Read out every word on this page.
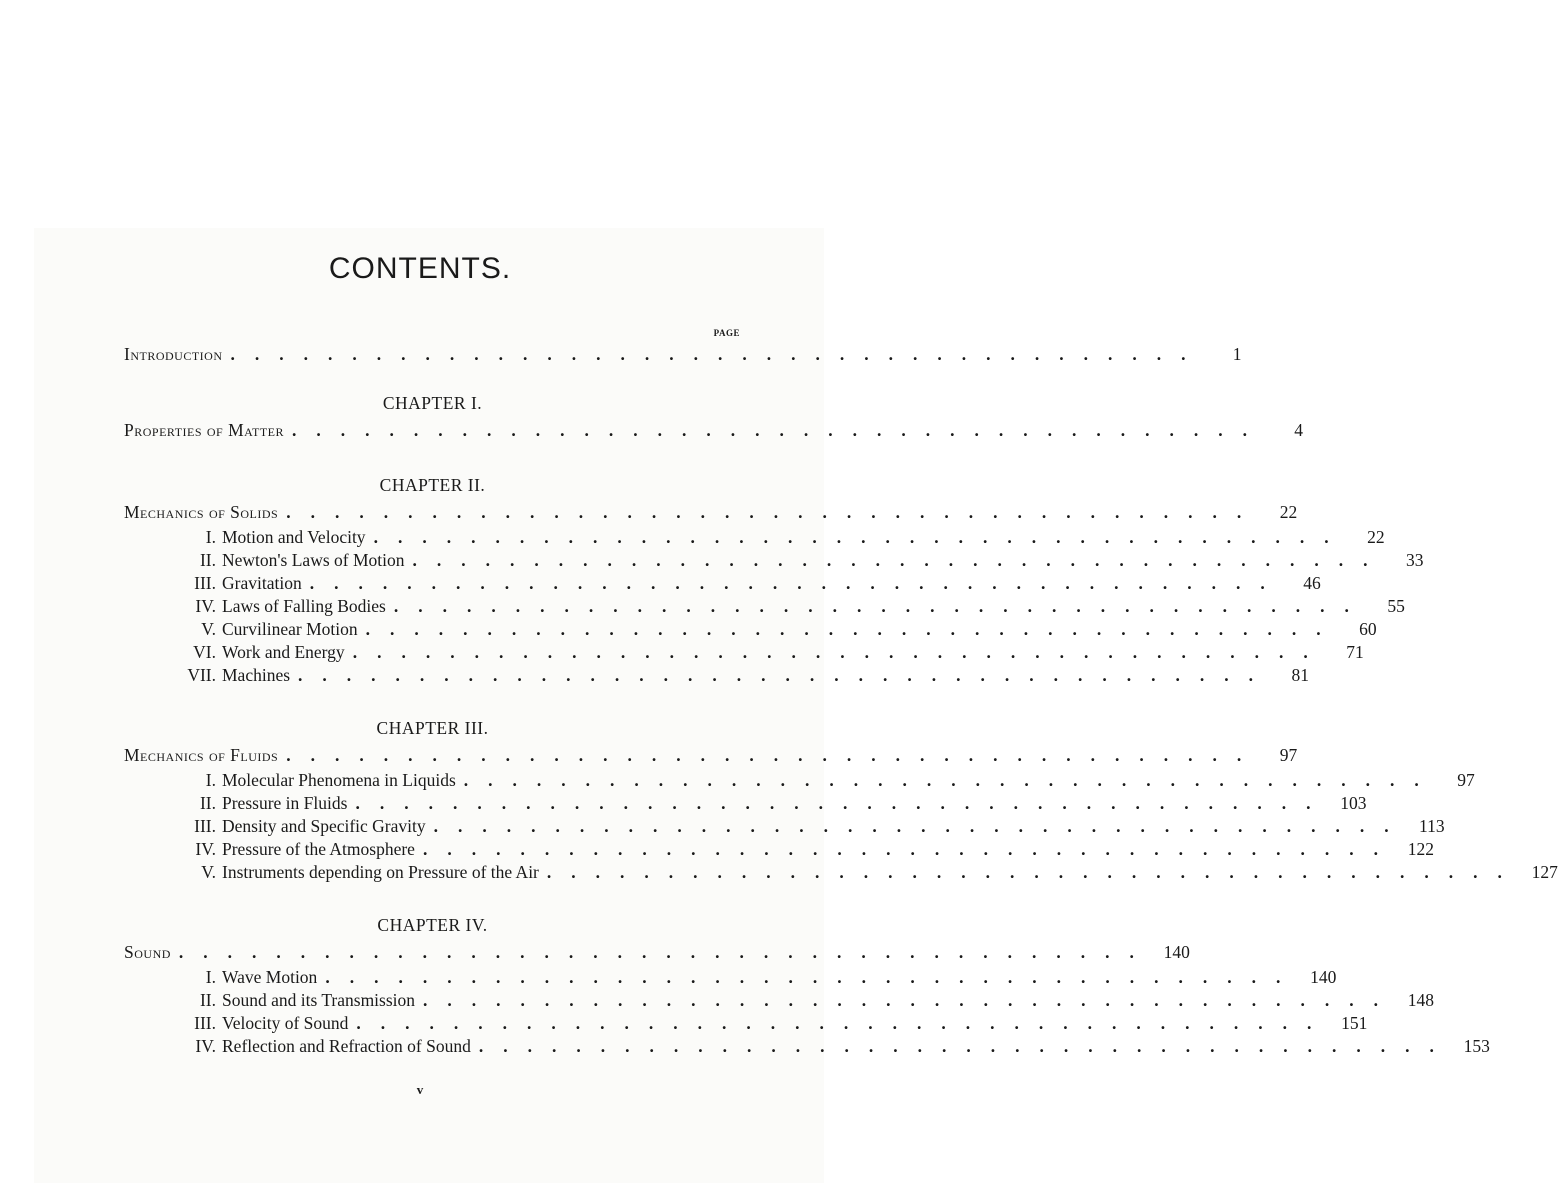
CONTENTS.
PAGE
Introduction ........................................	1
CHAPTER I.
Properties of Matter ........................................	4
CHAPTER II.
Mechanics of Solids ........................................	22
I. Motion and Velocity ........................................	22
II. Newton's Laws of Motion ........................................	33
III. Gravitation ........................................	46
IV. Laws of Falling Bodies ........................................	55
V. Curvilinear Motion ........................................	60
VI. Work and Energy ........................................	71
VII. Machines ........................................	81
CHAPTER III.
Mechanics of Fluids ........................................	97
I. Molecular Phenomena in Liquids ........................................	97
II. Pressure in Fluids ........................................ 103
III. Density and Specific Gravity ........................................ 113
IV. Pressure of the Atmosphere ........................................ 122
V. Instruments depending on Pressure of the Air ........................................ 127
CHAPTER IV.
Sound ........................................ 140
I. Wave Motion ........................................ 140
II. Sound and its Transmission ........................................ 148
III. Velocity of Sound ........................................ 151
IV. Reflection and Refraction of Sound ........................................ 153
v
